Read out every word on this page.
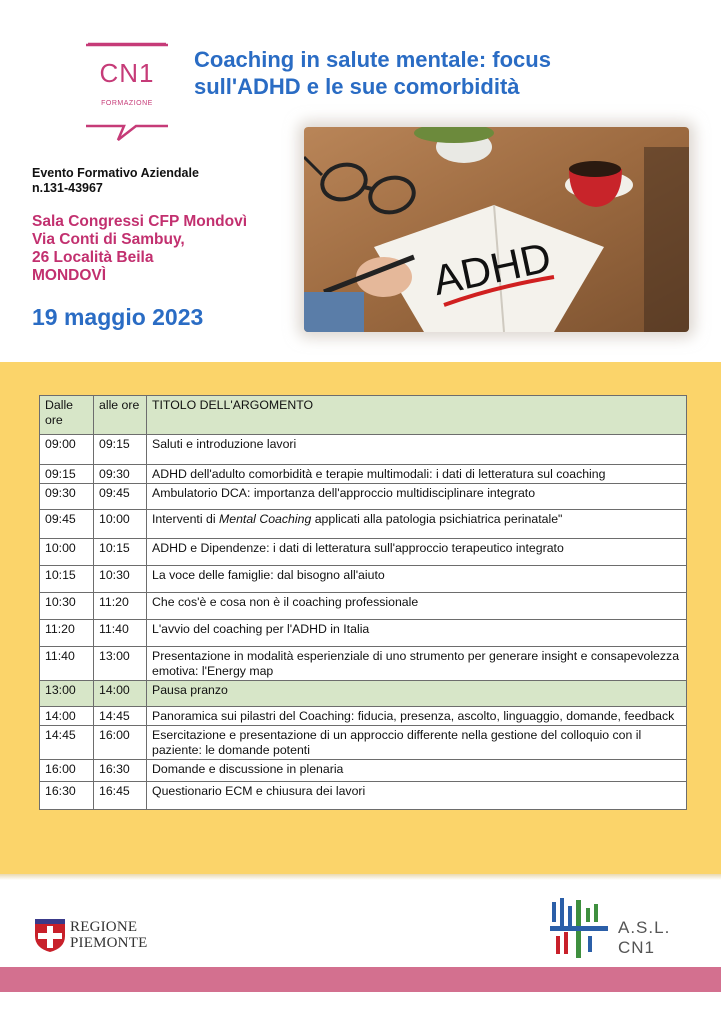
CN1
FORMAZIONE
Coaching in salute mentale: focus sull'ADHD e le sue comorbidità
Evento Formativo Aziendale
n.131-43967
Sala Congressi CFP Mondovì
Via Conti di Sambuy,
26 Località Beila
MONDOVÌ
19 maggio 2023
ADHD
Dalle ore	alle ore	TITOLO DELL'ARGOMENTO
09:00	09:15	Saluti e introduzione lavori
09:15	09:30	ADHD dell'adulto comorbidità e terapie multimodali: i dati di letteratura sul coaching
09:30	09:45	Ambulatorio DCA: importanza dell'approccio multidisciplinare integrato
09:45	10:00	Interventi di Mental Coaching applicati alla patologia psichiatrica perinatale"
10:00	10:15	ADHD e Dipendenze: i dati di letteratura sull'approccio terapeutico integrato
10:15	10:30	La voce delle famiglie: dal bisogno all'aiuto
10:30	11:20	Che cos'è e cosa non è il coaching professionale
11:20	11:40	L'avvio del coaching per l'ADHD in Italia
11:40	13:00	Presentazione in modalità esperienziale di uno strumento per generare insight e consapevolezza emotiva: l'Energy map
13:00	14:00	Pausa pranzo
14:00	14:45	Panoramica sui pilastri del Coaching: fiducia, presenza, ascolto, linguaggio, domande, feedback
14:45	16:00	Esercitazione e presentazione di un approccio differente nella gestione del colloquio con il paziente: le domande potenti
16:00	16:30	Domande e discussione in plenaria
16:30	16:45	Questionario ECM e chiusura dei lavori
REGIONE
PIEMONTE
A.S.L. CN1
